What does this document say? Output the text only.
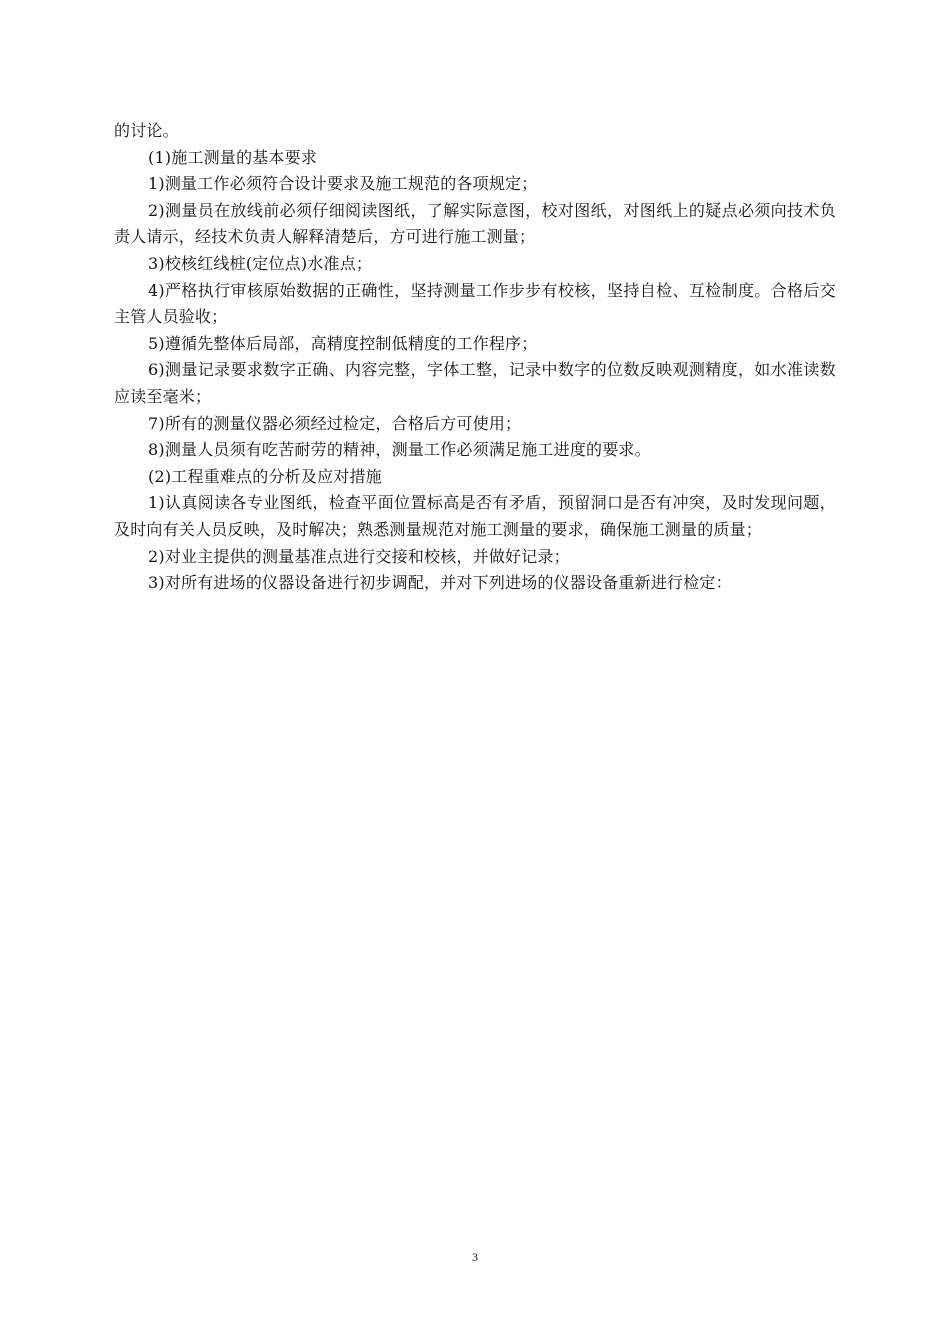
的讨论。

(1)施工测量的基本要求

1)测量工作必须符合设计要求及施工规范的各项规定；

2)测量员在放线前必须仔细阅读图纸，了解实际意图，校对图纸，对图纸上的疑点必须向技术负责人请示，经技术负责人解释清楚后，方可进行施工测量；

3)校核红线桩(定位点)水准点；

4)严格执行审核原始数据的正确性，坚持测量工作步步有校核，坚持自检、互检制度。合格后交主管人员验收；

5)遵循先整体后局部，高精度控制低精度的工作程序；

6)测量记录要求数字正确、内容完整，字体工整，记录中数字的位数反映观测精度，如水准读数应读至毫米；

7)所有的测量仪器必须经过检定，合格后方可使用；

8)测量人员须有吃苦耐劳的精神，测量工作必须满足施工进度的要求。

(2)工程重难点的分析及应对措施

1)认真阅读各专业图纸，检查平面位置标高是否有矛盾，预留洞口是否有冲突，及时发现问题，及时向有关人员反映，及时解决；熟悉测量规范对施工测量的要求，确保施工测量的质量；

2)对业主提供的测量基准点进行交接和校核，并做好记录；

3)对所有进场的仪器设备进行初步调配，并对下列进场的仪器设备重新进行检定：

3
